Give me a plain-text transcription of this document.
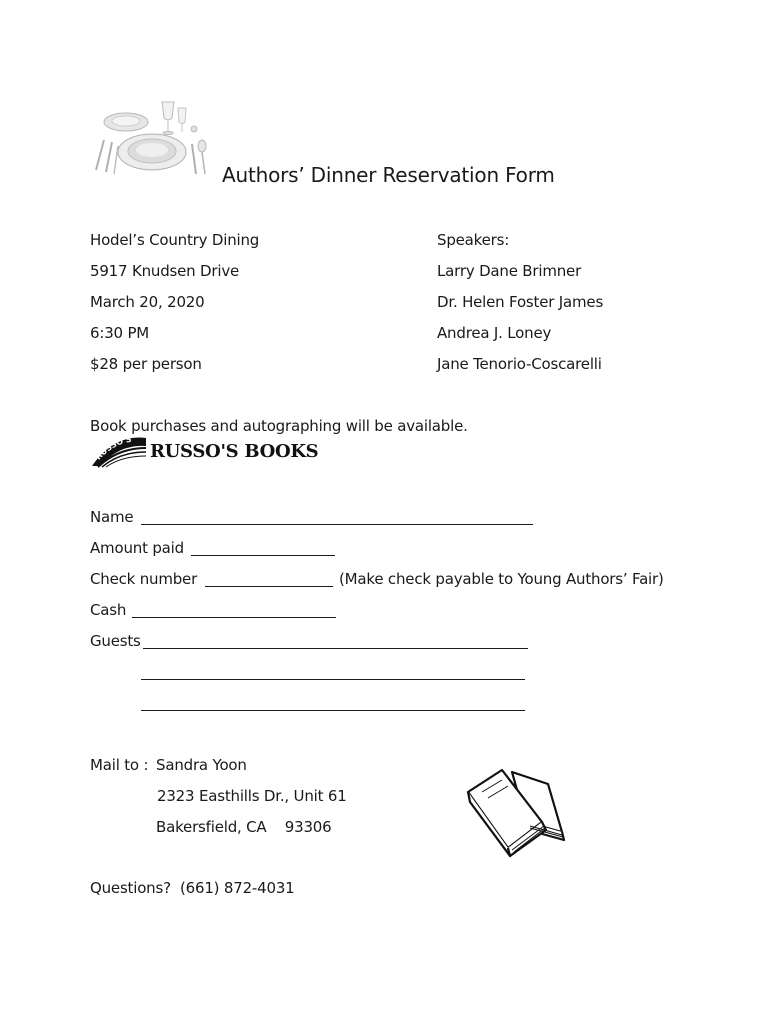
Authors’ Dinner Reservation Form
Hodel’s Country Dining
5917 Knudsen Drive
March 20, 2020
6:30 PM
$28 per person
Speakers:
Larry Dane Brimner
Dr. Helen Foster James
Andrea J. Loney
Jane Tenorio-Coscarelli
Book purchases and autographing will be available.
RUSSO'S
RUSSO'S BOOKS
Name
Amount paid
Check number	(Make check payable to Young Authors’ Fair)
Cash
Guests
Mail to : Sandra Yoon
2323 Easthills Dr., Unit 61
Bakersfield, CA    93306
Questions? (661) 872-4031
